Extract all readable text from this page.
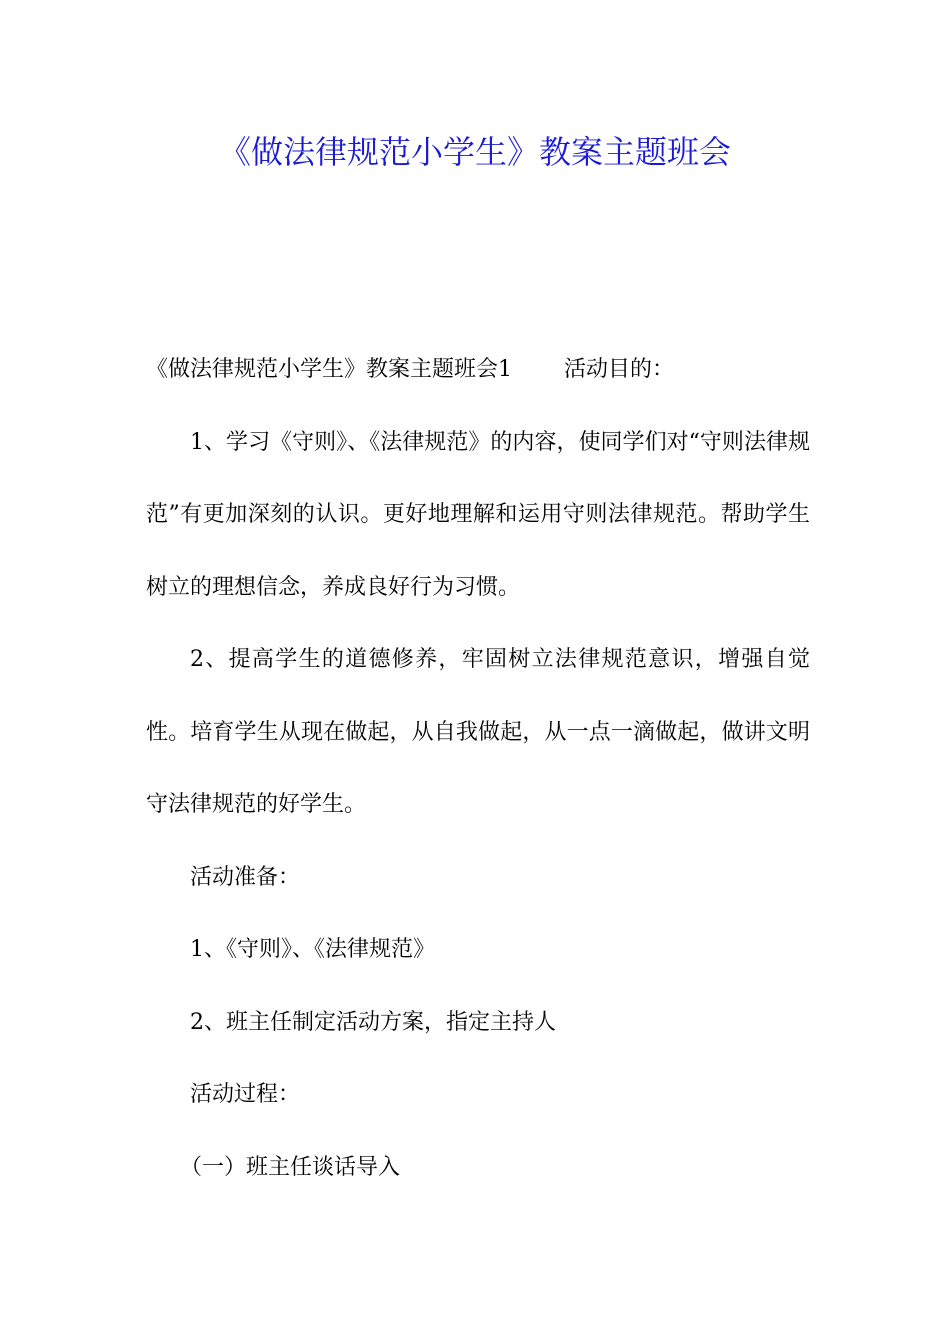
《做法律规范小学生》教案主题班会

《做法律规范小学生》教案主题班会1 活动目的：

1、学习《守则》、《法律规范》的内容，使同学们对“守则法律规范”有更加深刻的认识。更好地理解和运用守则法律规范。帮助学生树立的理想信念，养成良好行为习惯。

2、提高学生的道德修养，牢固树立法律规范意识，增强自觉性。培育学生从现在做起，从自我做起，从一点一滴做起，做讲文明守法律规范的好学生。

活动准备：

1、《守则》、《法律规范》

2、班主任制定活动方案，指定主持人

活动过程：

（一）班主任谈话导入
